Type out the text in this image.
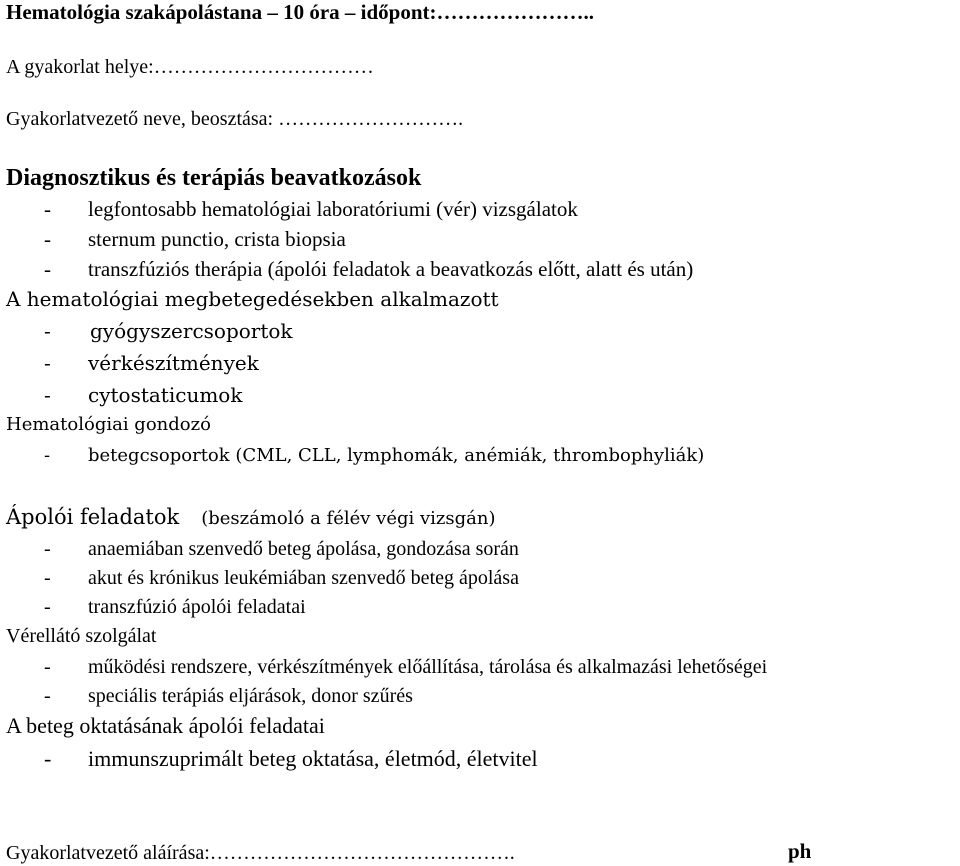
Hematológia szakápolástana – 10 óra – időpont:…………………..
A gyakorlat helye:……………………………
Gyakorlatvezető neve, beosztása: ……………………….
Diagnosztikus és terápiás beavatkozások
- legfontosabb hematológiai laboratóriumi (vér) vizsgálatok
- sternum punctio, crista biopsia
- transzfúziós therápia (ápolói feladatok a beavatkozás előtt, alatt és után)
A hematológiai megbetegedésekben alkalmazott
- gyógyszercsoportok
- vérkészítmények
- cytostaticumok
Hematológiai gondozó
- betegcsoportok (CML, CLL, lymphomák, anémiák, thrombophyliák)
Ápolói feladatok (beszámoló a félév végi vizsgán)
- anaemiában szenvedő beteg ápolása, gondozása során
- akut és krónikus leukémiában szenvedő beteg ápolása
- transzfúzió ápolói feladatai
Vérellátó szolgálat
- működési rendszere, vérkészítmények előállítása, tárolása és alkalmazási lehetőségei
- speciális terápiás eljárások, donor szűrés
A beteg oktatásának ápolói feladatai
- immunszuprimált beteg oktatása, életmód, életvitel
Gyakorlatvezető aláírása:……………………………………….	ph
